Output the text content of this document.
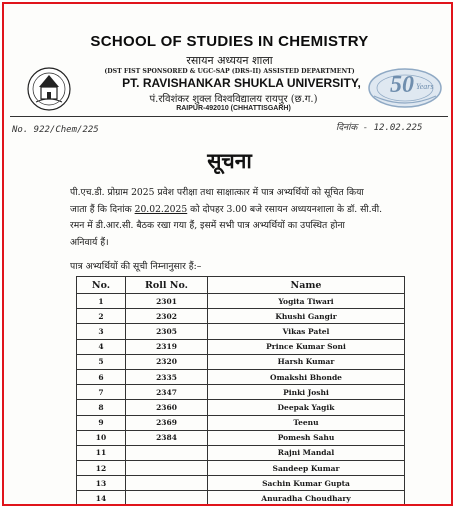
50 Years
SCHOOL OF STUDIES IN CHEMISTRY
रसायन अध्ययन शाला
(DST FIST SPONSORED & UGC-SAP (DRS-II) ASSISTED DEPARTMENT)
PT. RAVISHANKAR SHUKLA UNIVERSITY,
पं.रविशंकर शुक्ल विश्वविद्यालय रायपुर (छ.ग.)
RAIPUR-492010 (CHHATTISGARH)
No. 922/Chem/225	दिनांक - 12.02.225
सूचना
पी.एच.डी. प्रोग्राम 2025 प्रवेश परीक्षा तथा साक्षात्कार में पात्र अभ्यर्थियों को सूचित किया
जाता हैं कि दिनांक 20.02.2025 को दोपहर 3.00 बजे रसायन अध्ययनशाला के डॉ. सी.वी.
रमन में डी.आर.सी. बैठक रखा गया हैं, इसमें सभी पात्र अभ्यर्थियों का उपस्थित होना
अनिवार्य हैं।
पात्र अभ्यर्थियों की सूची निम्नानुसार हैं:–
No.	Roll No.	Name
1	2301	Yogita Tiwari
2	2302	Khushi Gangir
3	2305	Vikas Patel
4	2319	Prince Kumar Soni
5	2320	Harsh Kumar
6	2335	Omakshi Bhonde
7	2347	Pinki Joshi
8	2360	Deepak Yagik
9	2369	Teenu
10	2384	Pomesh Sahu
11		Rajni Mandal
12		Sandeep Kumar
13		Sachin Kumar Gupta
14		Anuradha Choudhary
